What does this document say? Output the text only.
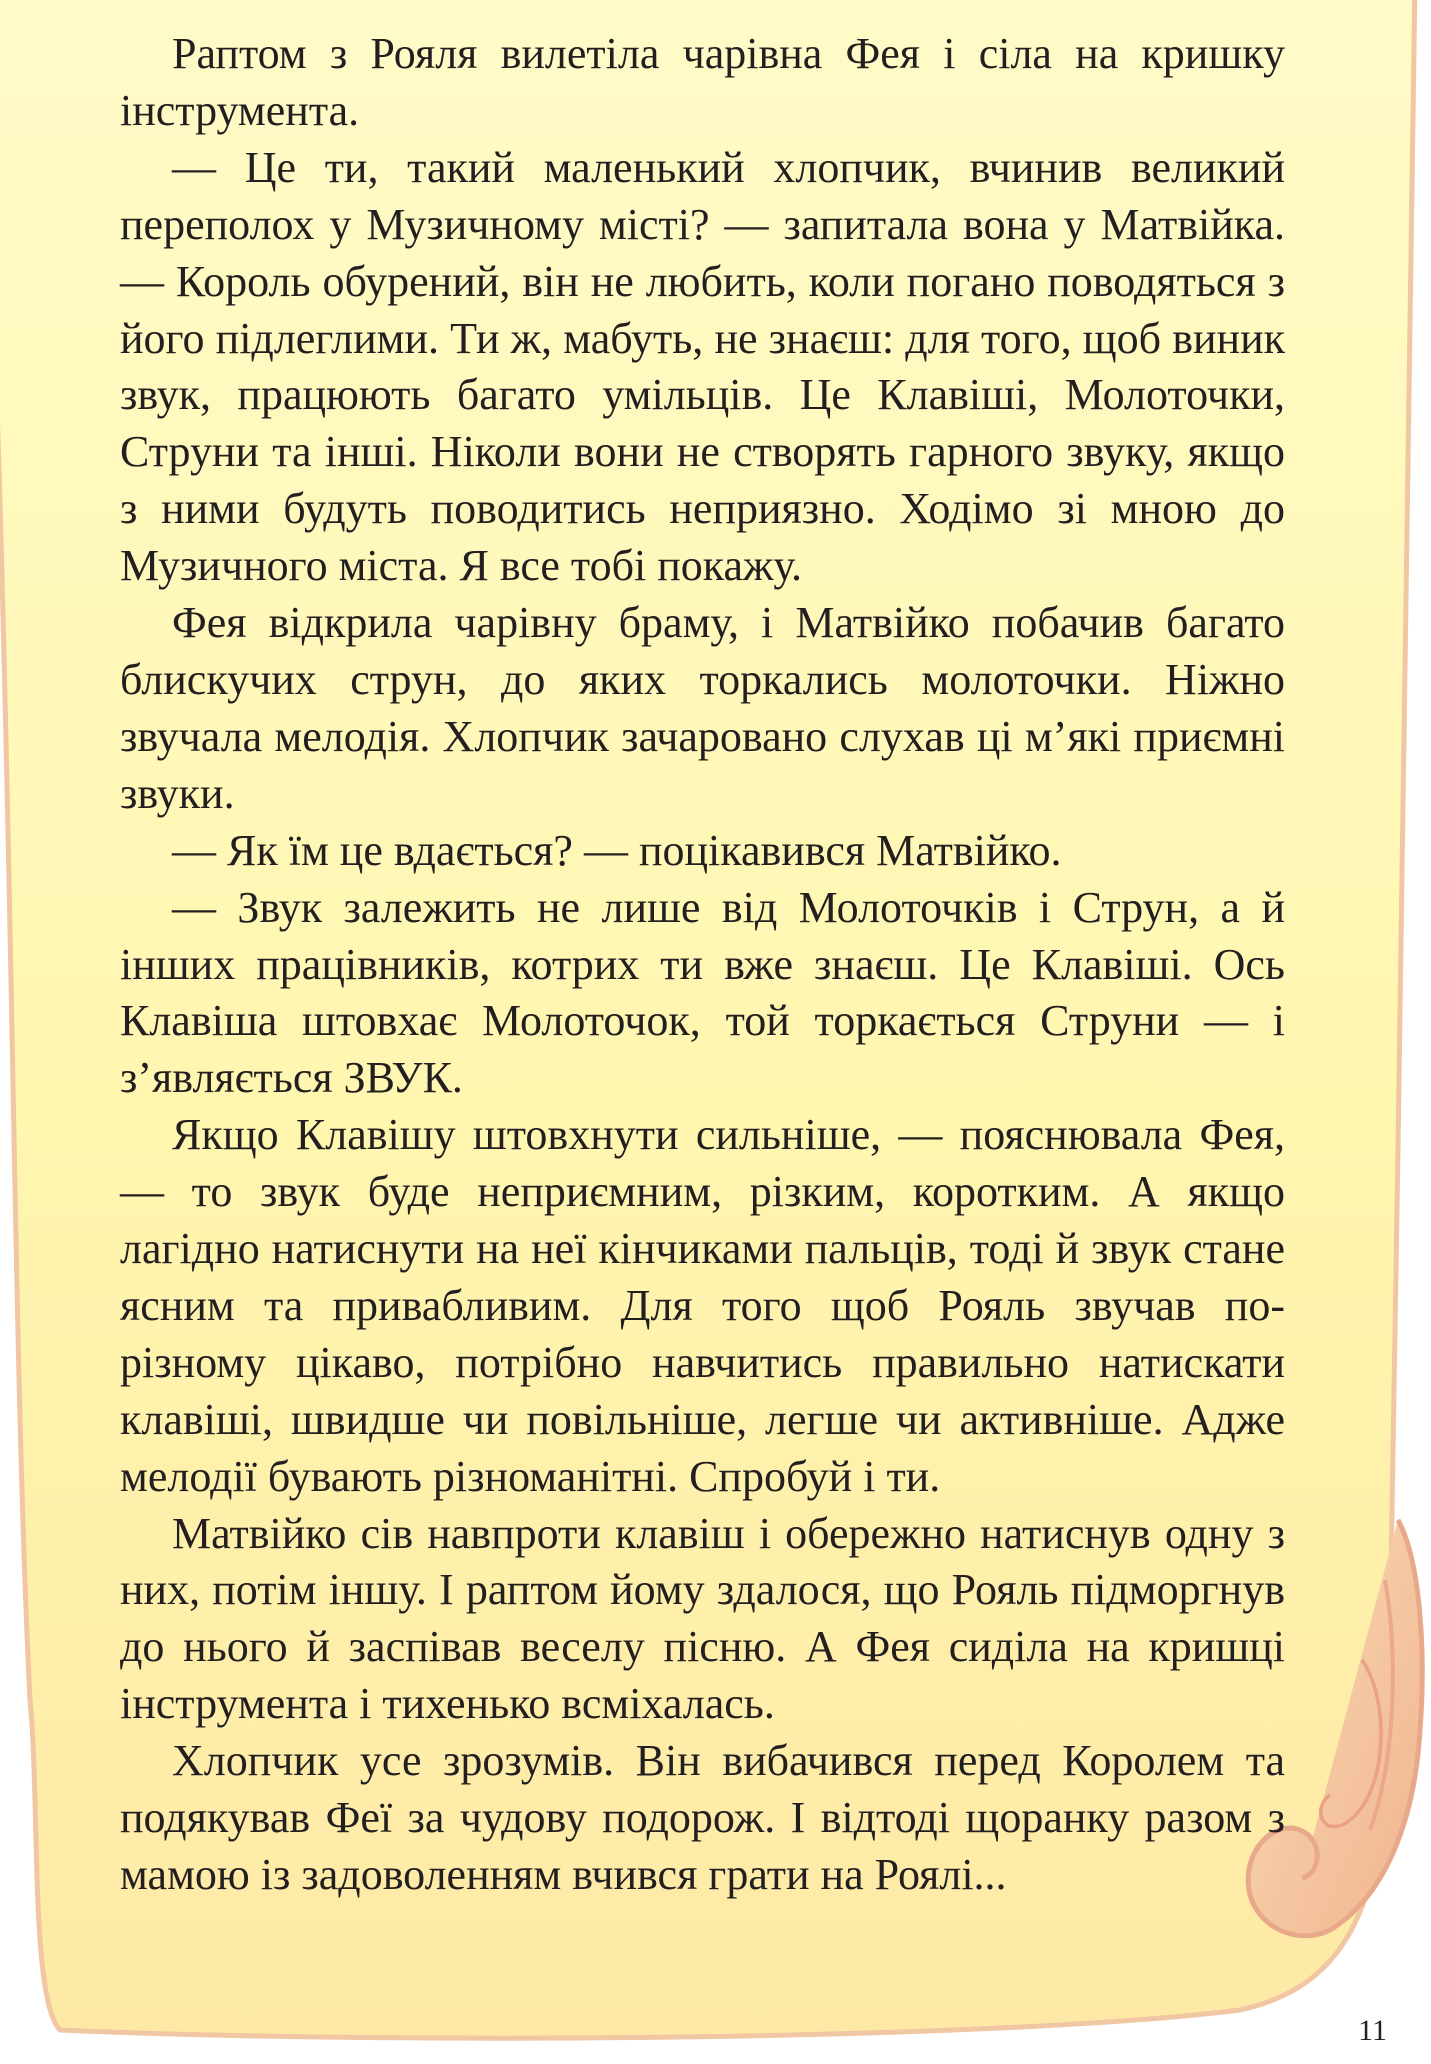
Раптом з Рояля вилетіла чарівна Фея і сіла на кришку інструмента.

— Це ти, такий маленький хлопчик, вчинив великий переполох у Музичному місті? — запитала вона у Матвійка. — Король обурений, він не любить, коли погано поводяться з його підлеглими. Ти ж, мабуть, не знаєш: для того, щоб виник звук, працюють багато умільців. Це Клавіші, Молоточки, Струни та інші. Ніколи вони не створять гарного звуку, якщо з ними будуть поводитись неприязно. Ходімо зі мною до Музичного міста. Я все тобі покажу.

Фея відкрила чарівну браму, і Матвійко побачив багато блискучих струн, до яких торкались молоточки. Ніжно звучала мелодія. Хлопчик зачаровано слухав ці м’які приємні звуки.

— Як їм це вдається? — поцікавився Матвійко.

— Звук залежить не лише від Молоточків і Струн, а й інших працівників, котрих ти вже знаєш. Це Клавіші. Ось Клавіша штовхає Молоточок, той торкається Струни — і з’являється ЗВУК.

Якщо Клавішу штовхнути сильніше, — пояснювала Фея, — то звук буде неприємним, різким, коротким. А якщо лагідно натиснути на неї кінчиками пальців, тоді й звук стане ясним та привабливим. Для того щоб Рояль звучав по-різному цікаво, потрібно навчитись правильно натискати клавіші, швидше чи повільніше, легше чи активніше. Адже мелодії бувають різноманітні. Спробуй і ти.

Матвійко сів навпроти клавіш і обережно натиснув одну з них, потім іншу. І раптом йому здалося, що Рояль підморгнув до нього й заспівав веселу пісню. А Фея сиділа на кришці інструмента і тихенько всміхалась.

Хлопчик усе зрозумів. Він вибачився перед Королем та подякував Феї за чудову подорож. І відтоді щоранку разом з мамою із задоволенням вчився грати на Роялі...

11
